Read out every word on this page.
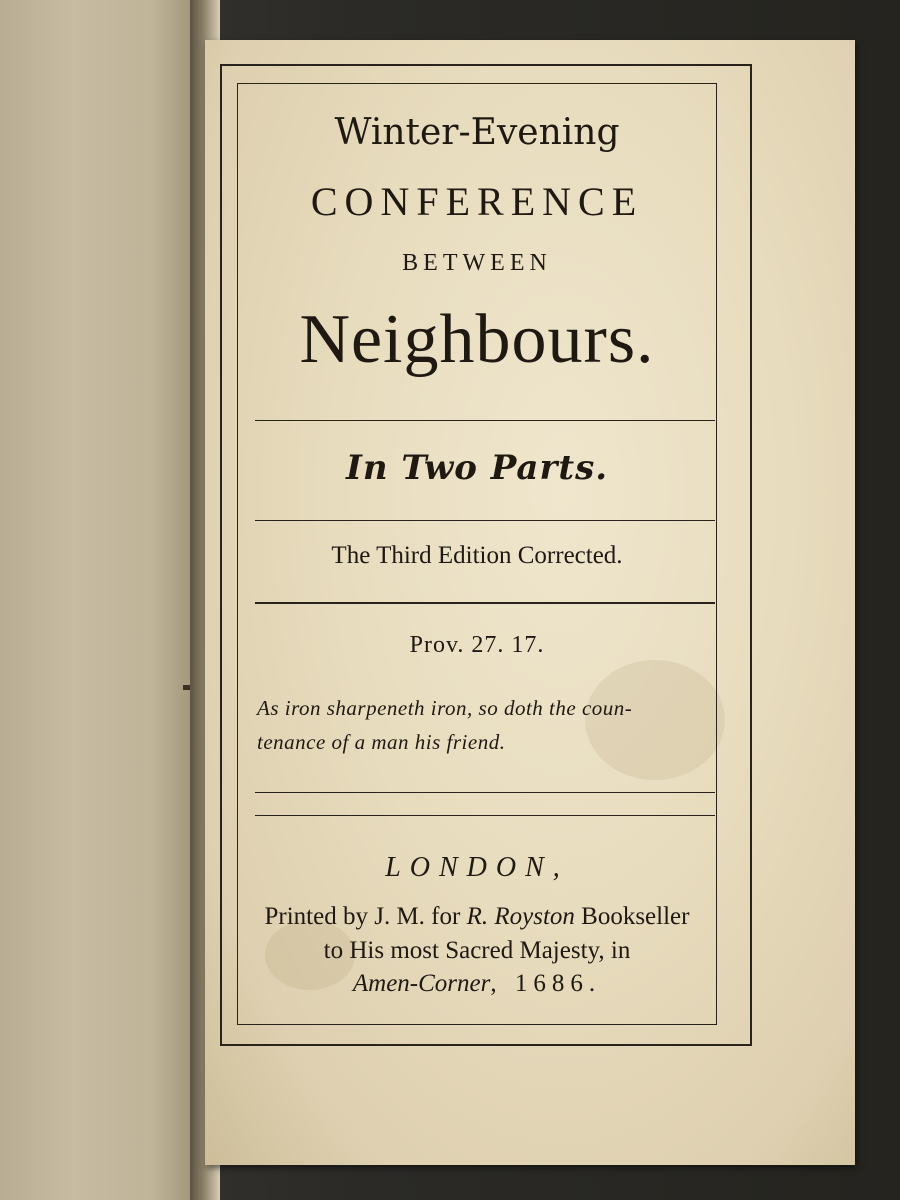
Winter-Evening
CONFERENCE
BETWEEN
Neighbours.
In Two Parts.
The Third Edition Corrected.
Prov. 27. 17.
As iron sharpeneth iron, so doth the coun-
tenance of a man his friend.
LONDON,
Printed by J. M. for R. Royston Bookseller
to His most Sacred Majesty, in
Amen-Corner, 1686.
